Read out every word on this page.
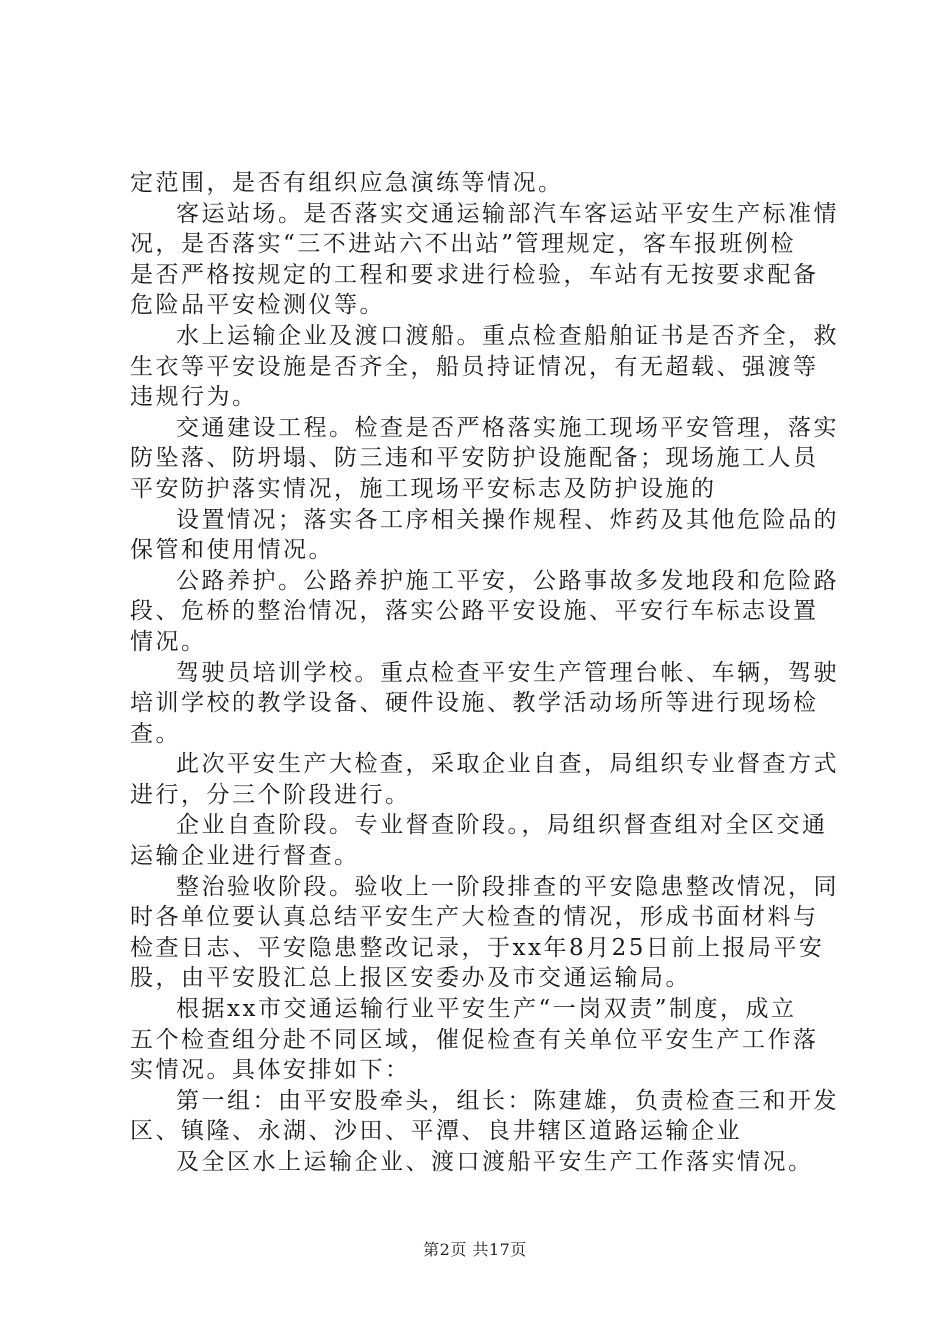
定范围，是否有组织应急演练等情况。
客运站场。是否落实交通运输部汽车客运站平安生产标准情
况，是否落实“三不进站六不出站”管理规定，客车报班例检
是否严格按规定的工程和要求进行检验，车站有无按要求配备
危险品平安检测仪等。
水上运输企业及渡口渡船。重点检查船舶证书是否齐全，救
生衣等平安设施是否齐全，船员持证情况，有无超载、强渡等
违规行为。
交通建设工程。检查是否严格落实施工现场平安管理，落实
防坠落、防坍塌、防三违和平安防护设施配备；现场施工人员
平安防护落实情况，施工现场平安标志及防护设施的
设置情况；落实各工序相关操作规程、炸药及其他危险品的
保管和使用情况。
公路养护。公路养护施工平安，公路事故多发地段和危险路
段、危桥的整治情况，落实公路平安设施、平安行车标志设置
情况。
驾驶员培训学校。重点检查平安生产管理台帐、车辆，驾驶
培训学校的教学设备、硬件设施、教学活动场所等进行现场检
查。
此次平安生产大检查，采取企业自查，局组织专业督查方式
进行，分三个阶段进行。
企业自查阶段。专业督查阶段。，局组织督查组对全区交通
运输企业进行督查。
整治验收阶段。验收上一阶段排查的平安隐患整改情况，同
时各单位要认真总结平安生产大检查的情况，形成书面材料与
检查日志、平安隐患整改记录，于xx年8月25日前上报局平安
股，由平安股汇总上报区安委办及市交通运输局。
根据xx市交通运输行业平安生产“一岗双责”制度，成立
五个检查组分赴不同区域，催促检查有关单位平安生产工作落
实情况。具体安排如下：
第一组：由平安股牵头，组长：陈建雄，负责检查三和开发
区、镇隆、永湖、沙田、平潭、良井辖区道路运输企业
及全区水上运输企业、渡口渡船平安生产工作落实情况。
第2页 共17页
